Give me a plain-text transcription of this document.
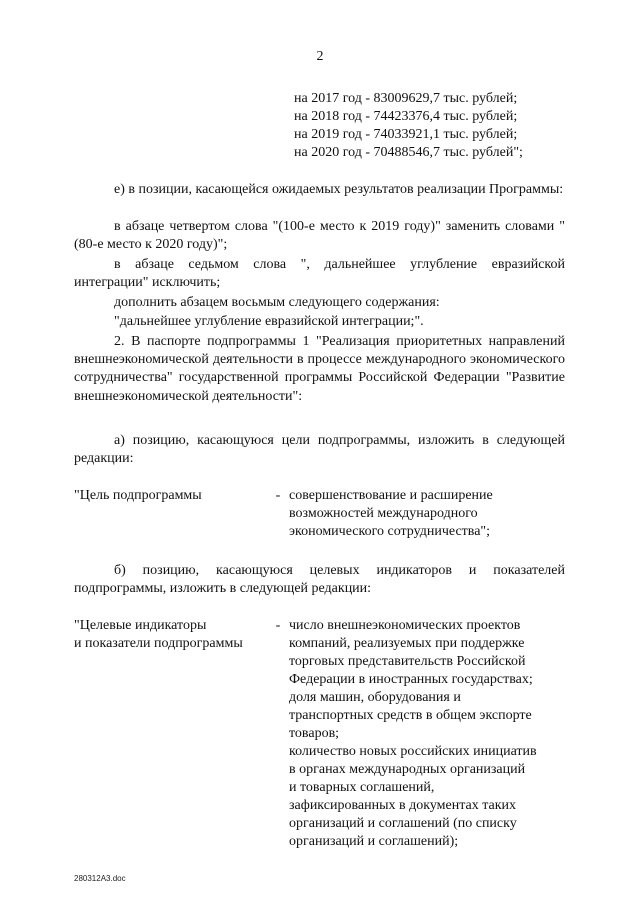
2
на 2017 год - 83009629,7 тыс. рублей;
на 2018 год - 74423376,4 тыс. рублей;
на 2019 год - 74033921,1 тыс. рублей;
на 2020 год - 70488546,7 тыс. рублей";
е) в позиции, касающейся ожидаемых результатов реализации Программы:
в абзаце четвертом слова "(100-е место к 2019 году)" заменить словами "(80-е место к 2020 году)";
в абзаце седьмом слова ", дальнейшее углубление евразийской интеграции" исключить;
дополнить абзацем восьмым следующего содержания:
"дальнейшее углубление евразийской интеграции;".
2. В паспорте подпрограммы 1 "Реализация приоритетных направлений внешнеэкономической деятельности в процессе международного экономического сотрудничества" государственной программы Российской Федерации "Развитие внешнеэкономической деятельности":
а) позицию, касающуюся цели подпрограммы, изложить в следующей редакции:
"Цель подпрограммы	- совершенствование и расширение
возможностей международного
экономического сотрудничества";
б) позицию, касающуюся целевых индикаторов и показателей подпрограммы, изложить в следующей редакции:
"Целевые индикаторы
и показатели подпрограммы
- число внешнеэкономических проектов
компаний, реализуемых при поддержке
торговых представительств Российской
Федерации в иностранных государствах;
доля машин, оборудования и
транспортных средств в общем экспорте
товаров;
количество новых российских инициатив
в органах международных организаций
и товарных соглашений,
зафиксированных в документах таких
организаций и соглашений (по списку
организаций и соглашений);
280312А3.doc
